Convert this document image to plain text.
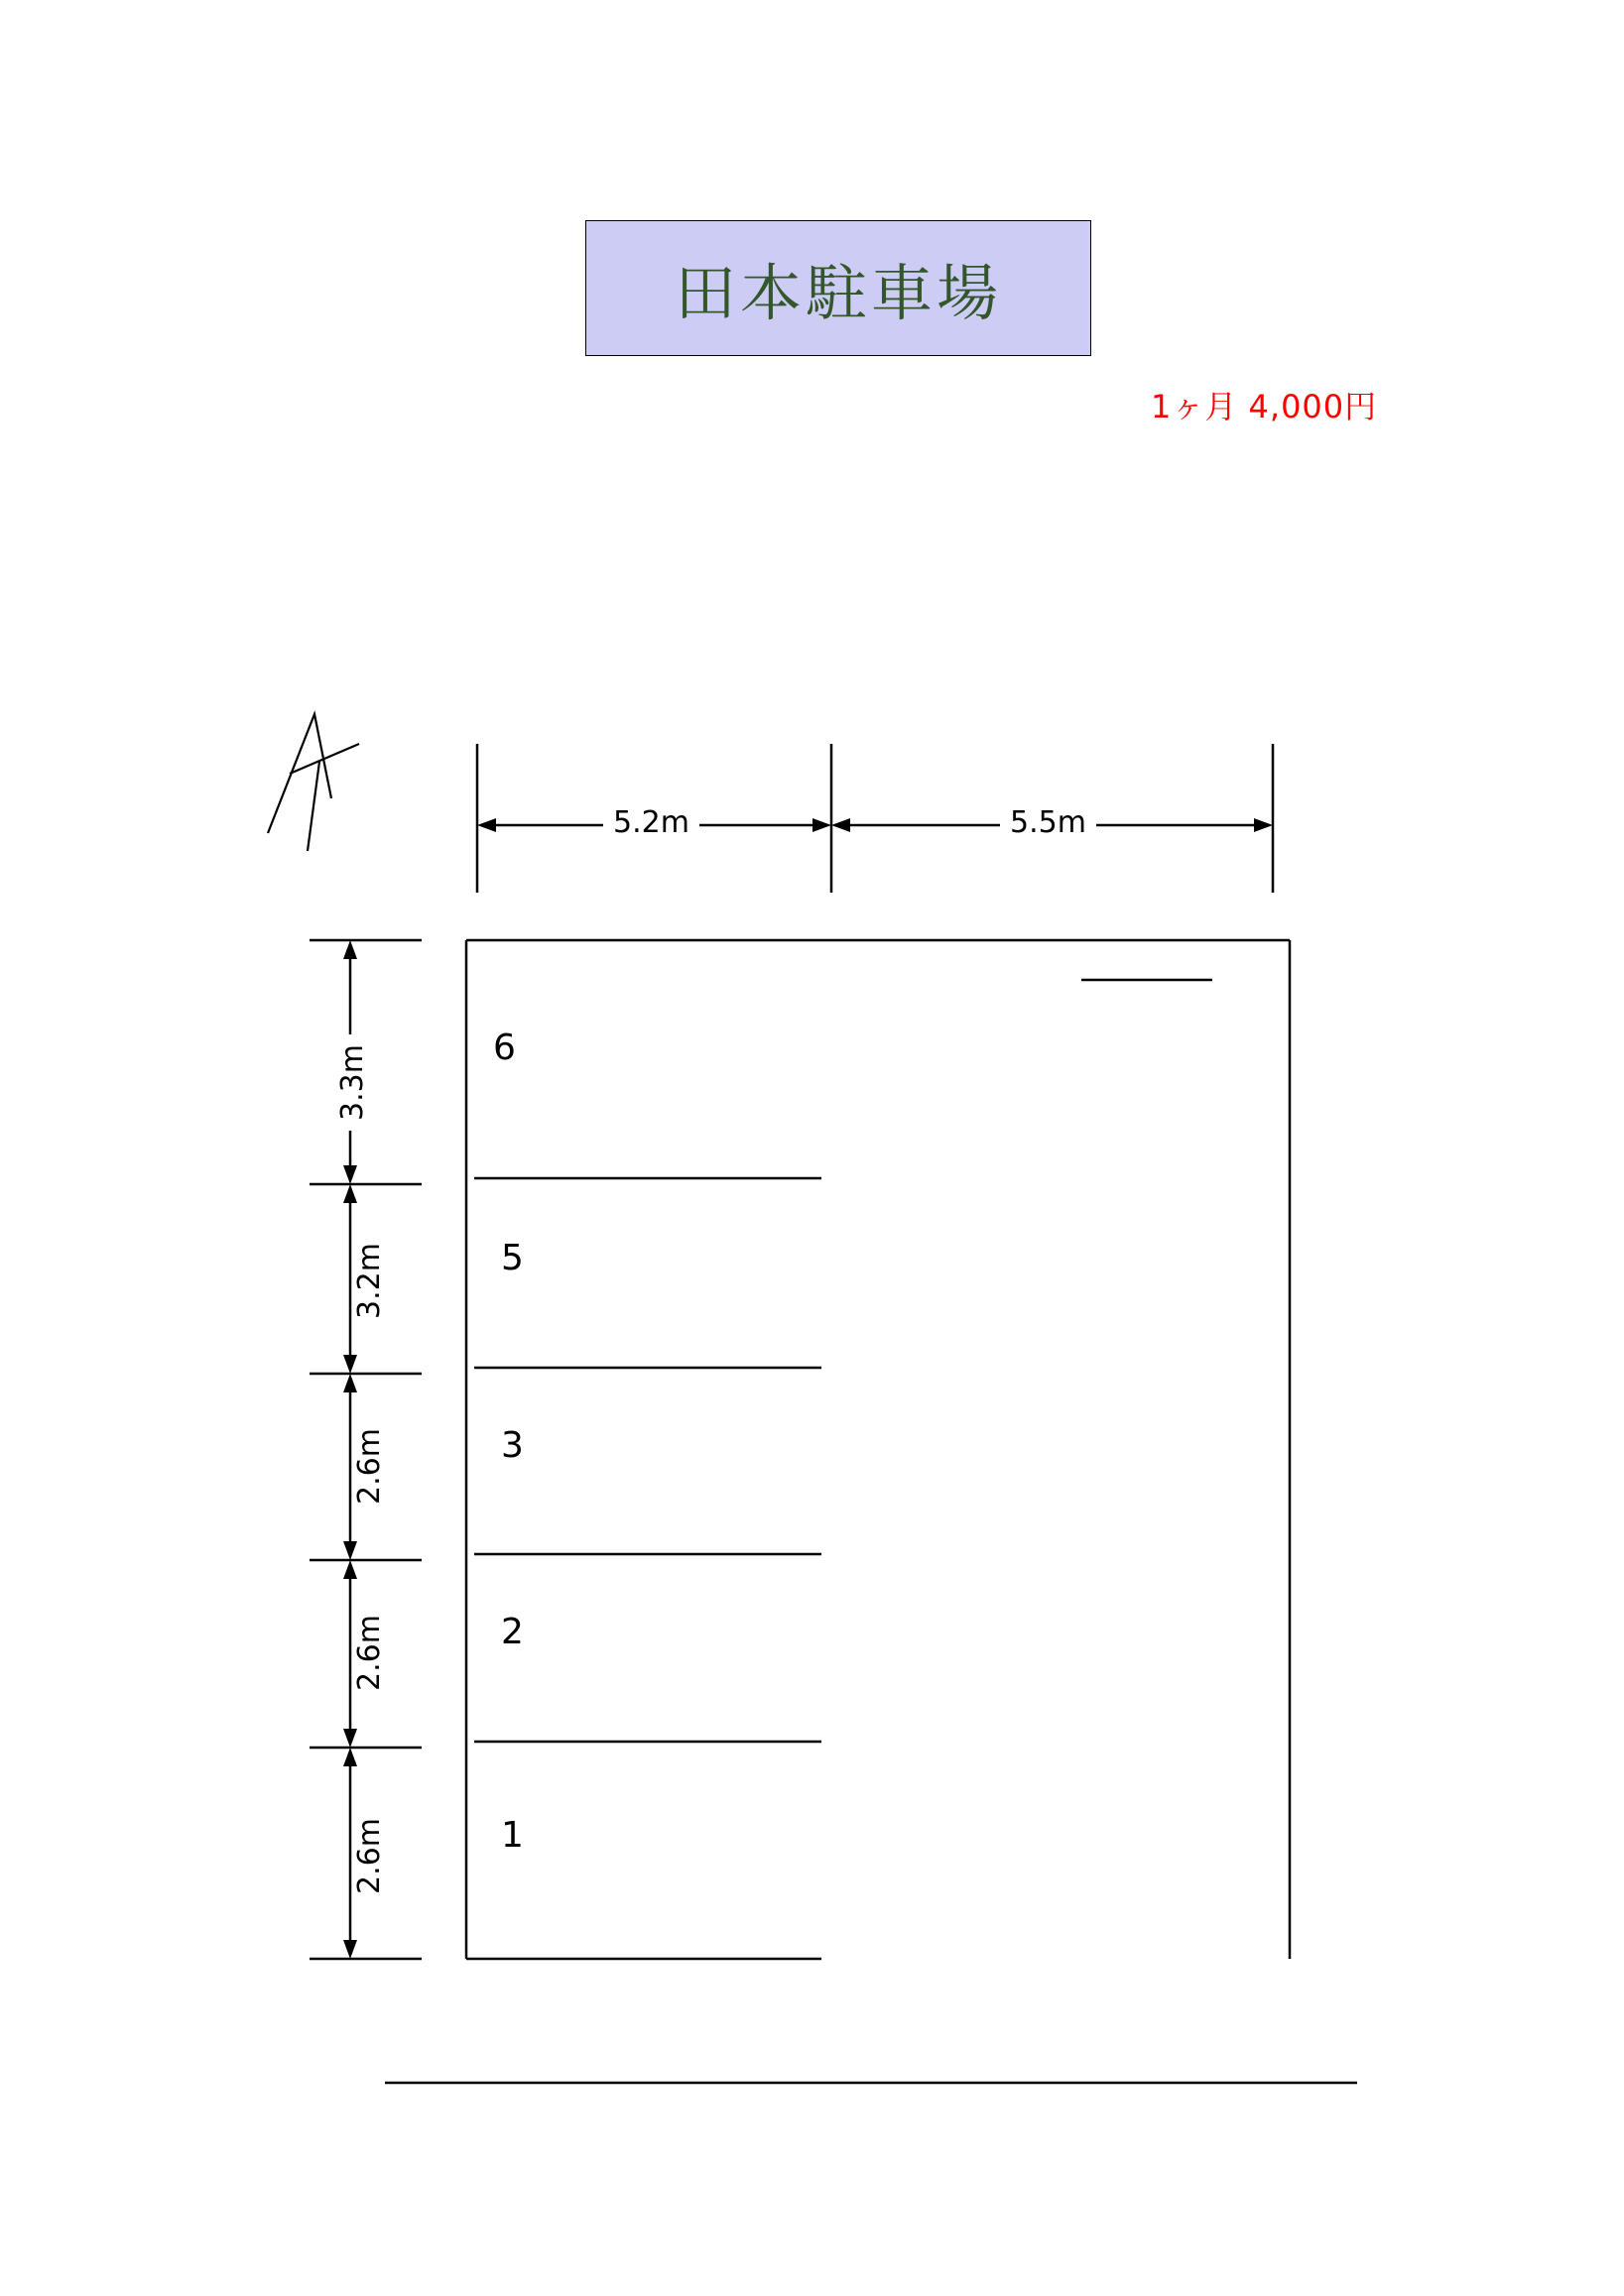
田本駐車場
1ヶ月 4,000円
5.2m	5.5m
3.3m
3.2m
2.6m
2.6m
2.6m
6
5
3
2
1
